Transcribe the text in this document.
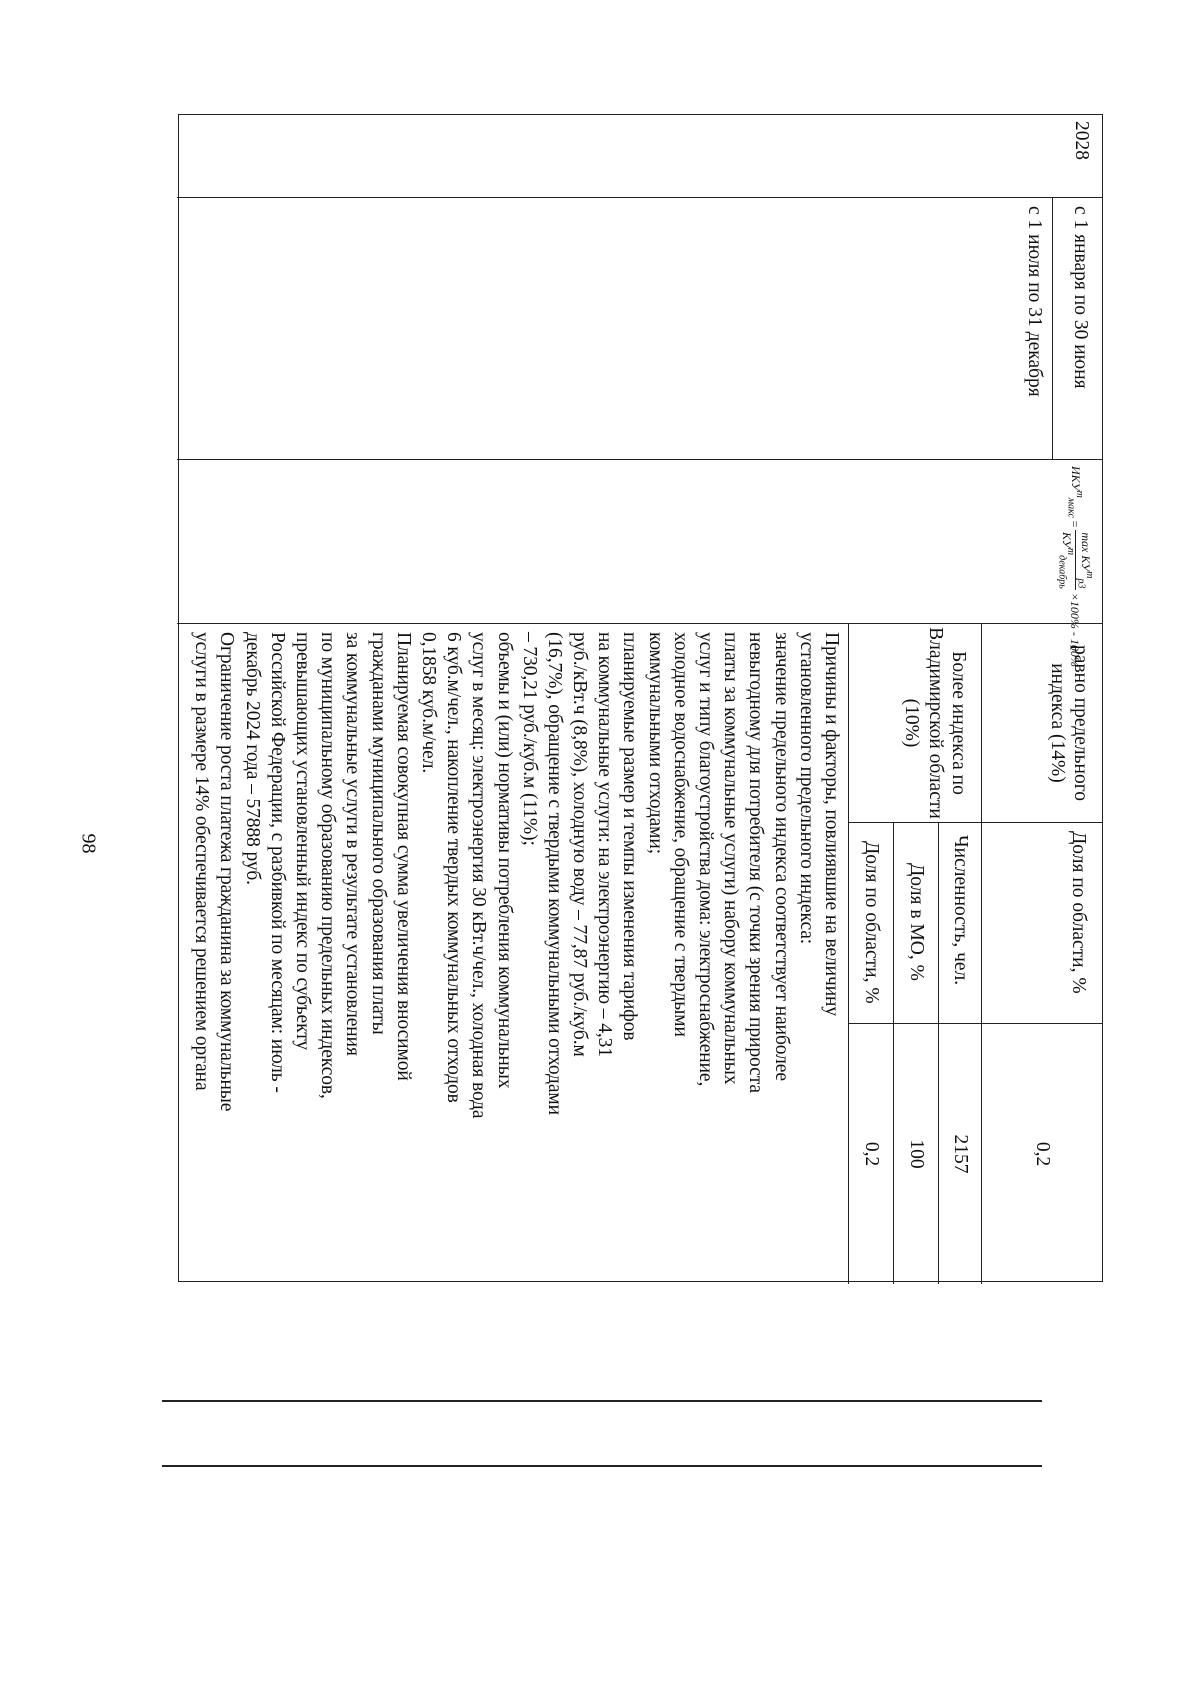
98
2028
с 1 января по 30 июня
с 1 июля по 31 декабря
$ИКУ^m_{макс}$
=
$\max КУ^m_{p3}$
$КУ^m_{декабрь}$
×100% - 100%
равно предельного индекса (14%)
Доля по области, %
0,2
Более индекса по Владимирской области (10%)
Численность, чел.
2157
Доля в МО, %
100
Доля по области, %
0,2
Причины и факторы, повлиявшие на величину
установленного предельного индекса:
значение предельного индекса соответствует наиболее
невыгодному для потребителя (с точки зрения прироста
платы за коммунальные услуги) набору коммунальных
услуг и типу благоустройства дома: электроснабжение,
холодное водоснабжение, обращение с твердыми
коммунальными отходами;
планируемые размер и темпы изменения тарифов
на коммунальные услуги: на электроэнергию – 4,31
руб./кВт.ч (8,8%), холодную воду – 77,87 руб./куб.м
(16,7%), обращение с твердыми коммунальными отходами
– 730,21 руб./куб.м (11%);
объемы и (или) нормативы потребления коммунальных
услуг в месяц: электроэнергия 30 кВт.ч/чел., холодная вода
6 куб.м/чел., накопление твердых коммунальных отходов
0,1858 куб.м/чел.
Планируемая совокупная сумма увеличения вносимой
гражданами муниципального образования платы
за коммунальные услуги в результате установления
по муниципальному образованию предельных индексов,
превышающих установленный индекс по субъекту
Российской Федерации, с разбивкой по месяцам: июль -
декабрь 2024 года – 57888 руб.
Ограничение роста платежа гражданина за коммунальные
услуги в размере 14% обеспечивается решением органа
